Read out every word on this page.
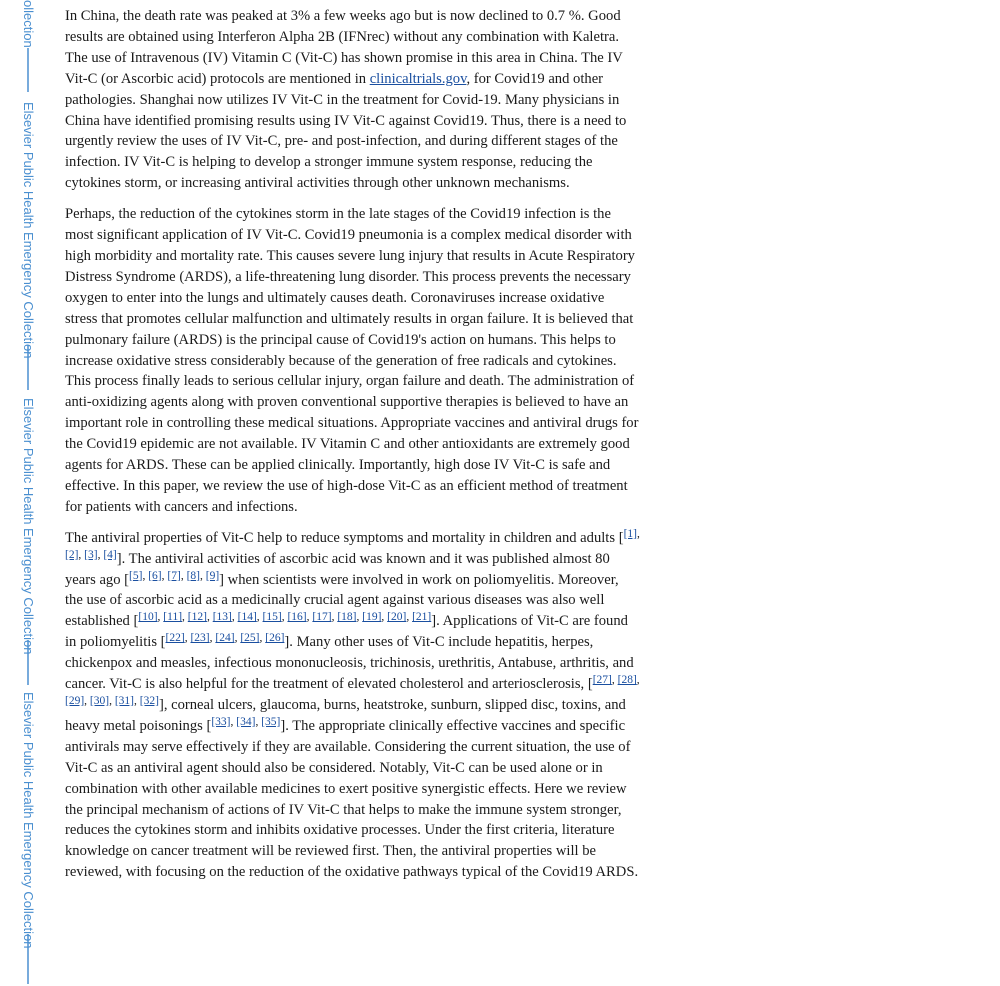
ollection
Elsevier Public Health Emergency Collection
Elsevier Public Health Emergency Collection
Elsevier Public Health Emergency Collection

In China, the death rate was peaked at 3% a few weeks ago but is now declined to 0.7 %. Good results are obtained using Interferon Alpha 2B (IFNrec) without any combination with Kaletra. The use of Intravenous (IV) Vitamin C (Vit-C) has shown promise in this area in China. The IV Vit-C (or Ascorbic acid) protocols are mentioned in clinicaltrials.gov, for Covid19 and other pathologies. Shanghai now utilizes IV Vit-C in the treatment for Covid-19. Many physicians in China have identified promising results using IV Vit-C against Covid19. Thus, there is a need to urgently review the uses of IV Vit-C, pre- and post-infection, and during different stages of the infection. IV Vit-C is helping to develop a stronger immune system response, reducing the cytokines storm, or increasing antiviral activities through other unknown mechanisms.

Perhaps, the reduction of the cytokines storm in the late stages of the Covid19 infection is the most significant application of IV Vit-C. Covid19 pneumonia is a complex medical disorder with high morbidity and mortality rate. This causes severe lung injury that results in Acute Respiratory Distress Syndrome (ARDS), a life-threatening lung disorder. This process prevents the necessary oxygen to enter into the lungs and ultimately causes death. Coronaviruses increase oxidative stress that promotes cellular malfunction and ultimately results in organ failure. It is believed that pulmonary failure (ARDS) is the principal cause of Covid19's action on humans. This helps to increase oxidative stress considerably because of the generation of free radicals and cytokines. This process finally leads to serious cellular injury, organ failure and death. The administration of anti-oxidizing agents along with proven conventional supportive therapies is believed to have an important role in controlling these medical situations. Appropriate vaccines and antiviral drugs for the Covid19 epidemic are not available. IV Vitamin C and other antioxidants are extremely good agents for ARDS. These can be applied clinically. Importantly, high dose IV Vit-C is safe and effective. In this paper, we review the use of high-dose Vit-C as an efficient method of treatment for patients with cancers and infections.

The antiviral properties of Vit-C help to reduce symptoms and mortality in children and adults [[1], [2], [3], [4]]. The antiviral activities of ascorbic acid was known and it was published almost 80 years ago [[5], [6], [7], [8], [9]] when scientists were involved in work on poliomyelitis. Moreover, the use of ascorbic acid as a medicinally crucial agent against various diseases was also well established [[10], [11], [12], [13], [14], [15], [16], [17], [18], [19], [20], [21]]. Applications of Vit-C are found in poliomyelitis [[22], [23], [24], [25], [26]]. Many other uses of Vit-C include hepatitis, herpes, chickenpox and measles, infectious mononucleosis, trichinosis, urethritis, Antabuse, arthritis, and cancer. Vit-C is also helpful for the treatment of elevated cholesterol and arteriosclerosis, [[27], [28], [29], [30], [31], [32]], corneal ulcers, glaucoma, burns, heatstroke, sunburn, slipped disc, toxins, and heavy metal poisonings [[33], [34], [35]]. The appropriate clinically effective vaccines and specific antivirals may serve effectively if they are available. Considering the current situation, the use of Vit-C as an antiviral agent should also be considered. Notably, Vit-C can be used alone or in combination with other available medicines to exert positive synergistic effects. Here we review the principal mechanism of actions of IV Vit-C that helps to make the immune system stronger, reduces the cytokines storm and inhibits oxidative processes. Under the first criteria, literature knowledge on cancer treatment will be reviewed first. Then, the antiviral properties will be reviewed, with focusing on the reduction of the oxidative pathways typical of the Covid19 ARDS.
